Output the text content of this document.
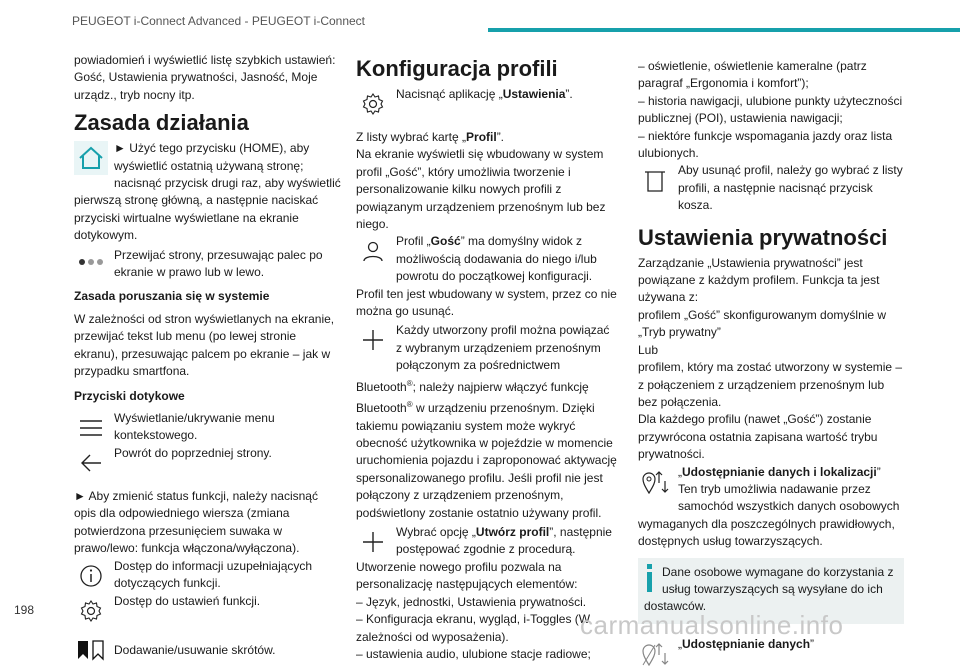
PEUGEOT i-Connect Advanced - PEUGEOT i-Connect

powiadomień i wyświetlić listę szybkich ustawień: Gość, Ustawienia prywatności, Jasność, Moje urządz., tryb nocny itp.

Zasada działania
► Użyć tego przycisku (HOME), aby wyświetlić ostatnią używaną stronę; nacisnąć przycisk drugi raz, aby wyświetlić pierwszą stronę główną, a następnie naciskać przyciski wirtualne wyświetlane na ekranie dotykowym.
Przewijać strony, przesuwając palec po ekranie w prawo lub w lewo.

Zasada poruszania się w systemie

W zależności od stron wyświetlanych na ekranie, przewijać tekst lub menu (po lewej stronie ekranu), przesuwając palcem po ekranie – jak w przypadku smartfona.

Przyciski dotykowe

Wyświetlanie/ukrywanie menu kontekstowego.
Powrót do poprzedniej strony.

► Aby zmienić status funkcji, należy nacisnąć opis dla odpowiedniego wiersza (zmiana potwierdzona przesunięciem suwaka w prawo/lewo: funkcja włączona/wyłączona).

Dostęp do informacji uzupełniających dotyczących funkcji.
Dostęp do ustawień funkcji.
Dodawanie/usuwanie skrótów.
Konfiguracja profili
Nacisnąć aplikację „Ustawienia”.

Z listy wybrać kartę „Profil”.
Na ekranie wyświetli się wbudowany w system profil „Gość”, który umożliwia tworzenie i personalizowanie kilku nowych profili z powiązanym urządzeniem przenośnym lub bez niego.

Profil „Gość” ma domyślny widok z możliwością dodawania do niego i/lub powrotu do początkowej konfiguracji. Profil ten jest wbudowany w system, przez co nie można go usunąć.
Każdy utworzony profil można powiązać z wybranym urządzeniem przenośnym połączonym za pośrednictwem Bluetooth®; należy najpierw włączyć funkcję Bluetooth® w urządzeniu przenośnym. Dzięki takiemu powiązaniu system może wykryć obecność użytkownika w pojeździe w momencie uruchomienia pojazdu i zaproponować aktywację spersonalizowanego profilu. Jeśli profil nie jest połączony z urządzeniem przenośnym, podświetlony zostanie ostatnio używany profil.
Wybrać opcję „Utwórz profil”, następnie postępować zgodnie z procedurą.

Utworzenie nowego profilu pozwala na personalizację następujących elementów:

– Język, jednostki, Ustawienia prywatności.
– Konfiguracja ekranu, wygląd, i-Toggles (W zależności od wyposażenia).
– ustawienia audio, ulubione stacje radiowe;
– oświetlenie, oświetlenie kameralne (patrz paragraf „Ergonomia i komfort”);
– historia nawigacji, ulubione punkty użyteczności publicznej (POI), ustawienia nawigacji;
– niektóre funkcje wspomagania jazdy oraz lista ulubionych.
Aby usunąć profil, należy go wybrać z listy profili, a następnie nacisnąć przycisk kosza.
Ustawienia prywatności

Zarządzanie „Ustawienia prywatności” jest powiązane z każdym profilem. Funkcja ta jest używana z:
profilem „Gość” skonfigurowanym domyślnie w „Tryb prywatny”
Lub
profilem, który ma zostać utworzony w systemie – z połączeniem z urządzeniem przenośnym lub bez połączenia.
Dla każdego profilu (nawet „Gość”) zostanie przywrócona ostatnia zapisana wartość trybu prywatności.

„Udostępnianie danych i lokalizacji”
Ten tryb umożliwia nadawanie przez samochód wszystkich danych osobowych wymaganych dla poszczególnych prawidłowych, dostępnych usług towarzyszących.
Dane osobowe wymagane do korzystania z usług towarzyszących są wysyłane do ich dostawców.
„Udostępnianie danych”
198	carmanualsonline.info
